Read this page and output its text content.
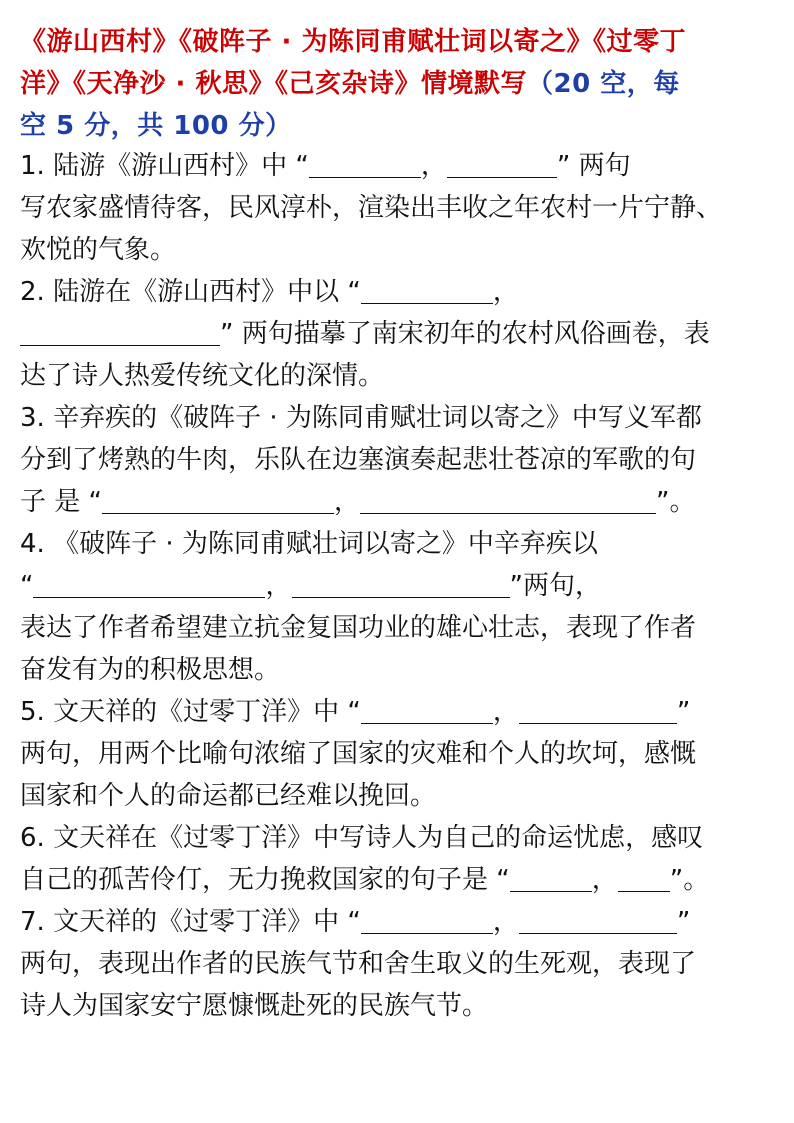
《游山西村》《破阵子 · 为陈同甫赋壮词以寄之》《过零丁
洋》《天净沙 · 秋思》《己亥杂诗》情境默写（20 空，每
空 5 分，共 100 分）
1. 陆游《游山西村》中 “	，	” 两句
写农家盛情待客，民风淳朴，渲染出丰收之年农村一片宁静、
欢悦的气象。
2. 陆游在《游山西村》中以 “	，
” 两句描摹了南宋初年的农村风俗画卷，表
达了诗人热爱传统文化的深情。
3. 辛弃疾的《破阵子 · 为陈同甫赋壮词以寄之》中写义军都
分到了烤熟的牛肉，乐队在边塞演奏起悲壮苍凉的军歌的句
子 是 “	，	”。
4. 《破阵子 · 为陈同甫赋壮词以寄之》中辛弃疾以
“	，	”两句，
表达了作者希望建立抗金复国功业的雄心壮志，表现了作者
奋发有为的积极思想。
5. 文天祥的《过零丁洋》中 “	，	”
两句，用两个比喻句浓缩了国家的灾难和个人的坎坷，感慨
国家和个人的命运都已经难以挽回。
6. 文天祥在《过零丁洋》中写诗人为自己的命运忧虑，感叹
自己的孤苦伶仃，无力挽救国家的句子是 “	， ”。
7. 文天祥的《过零丁洋》中 “	，	”
两句，表现出作者的民族气节和舍生取义的生死观，表现了
诗人为国家安宁愿慷慨赴死的民族气节。
